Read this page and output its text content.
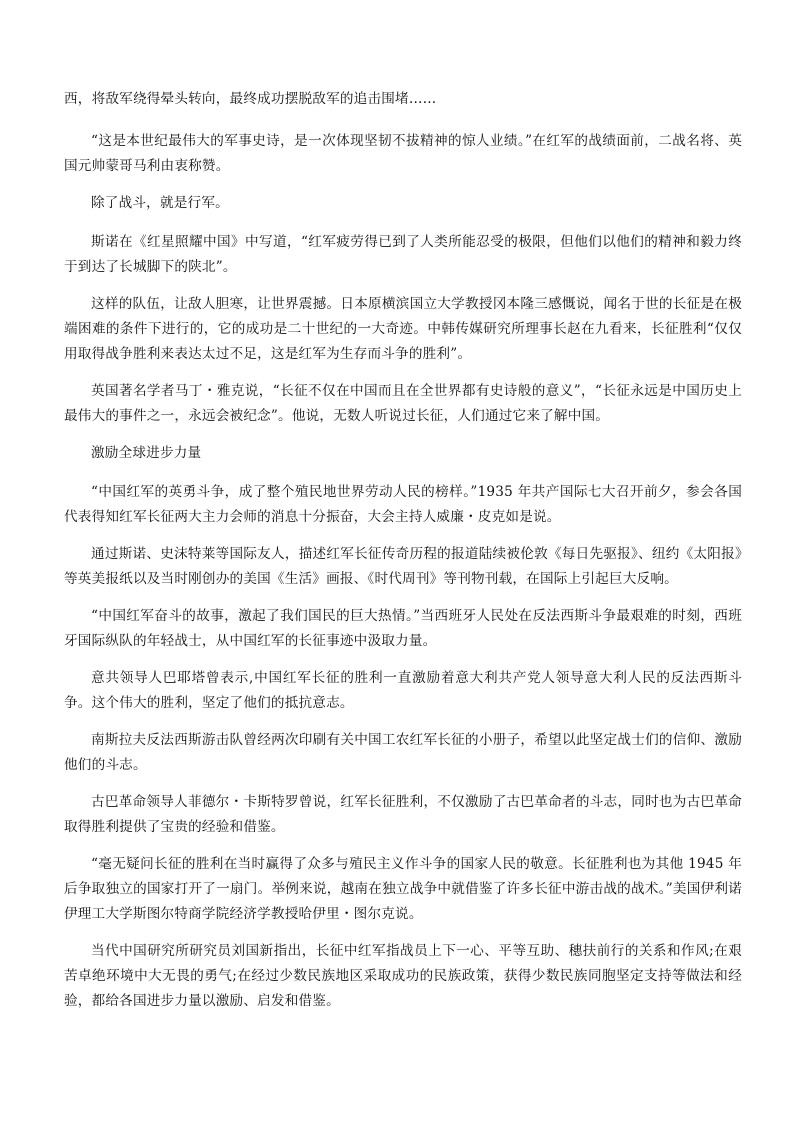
西，将敌军绕得晕头转向，最终成功摆脱敌军的追击围堵……

“这是本世纪最伟大的军事史诗，是一次体现坚韧不拔精神的惊人业绩。”在红军的战绩面前，二战名将、英国元帅蒙哥马利由衷称赞。

除了战斗，就是行军。

斯诺在《红星照耀中国》中写道，“红军疲劳得已到了人类所能忍受的极限，但他们以他们的精神和毅力终于到达了长城脚下的陕北”。

这样的队伍，让敌人胆寒，让世界震撼。日本原横滨国立大学教授冈本隆三感慨说，闻名于世的长征是在极端困难的条件下进行的，它的成功是二十世纪的一大奇迹。中韩传媒研究所理事长赵在九看来，长征胜利“仅仅用取得战争胜利来表达太过不足，这是红军为生存而斗争的胜利”。

英国著名学者马丁・雅克说，“长征不仅在中国而且在全世界都有史诗般的意义”，“长征永远是中国历史上最伟大的事件之一，永远会被纪念”。他说，无数人听说过长征，人们通过它来了解中国。

激励全球进步力量

“中国红军的英勇斗争，成了整个殖民地世界劳动人民的榜样。”1935 年共产国际七大召开前夕，参会各国代表得知红军长征两大主力会师的消息十分振奋，大会主持人威廉・皮克如是说。

通过斯诺、史沫特莱等国际友人，描述红军长征传奇历程的报道陆续被伦敦《每日先驱报》、纽约《太阳报》等英美报纸以及当时刚创办的美国《生活》画报、《时代周刊》等刊物刊载，在国际上引起巨大反响。

“中国红军奋斗的故事，激起了我们国民的巨大热情。”当西班牙人民处在反法西斯斗争最艰难的时刻，西班牙国际纵队的年轻战士，从中国红军的长征事迹中汲取力量。

意共领导人巴耶塔曾表示,中国红军长征的胜利一直激励着意大利共产党人领导意大利人民的反法西斯斗争。这个伟大的胜利，坚定了他们的抵抗意志。

南斯拉夫反法西斯游击队曾经两次印刷有关中国工农红军长征的小册子，希望以此坚定战士们的信仰、激励他们的斗志。

古巴革命领导人菲德尔・卡斯特罗曾说，红军长征胜利，不仅激励了古巴革命者的斗志，同时也为古巴革命取得胜利提供了宝贵的经验和借鉴。

“毫无疑问长征的胜利在当时赢得了众多与殖民主义作斗争的国家人民的敬意。长征胜利也为其他 1945 年后争取独立的国家打开了一扇门。举例来说，越南在独立战争中就借鉴了许多长征中游击战的战术。”美国伊利诺伊理工大学斯图尔特商学院经济学教授哈伊里・图尔克说。

当代中国研究所研究员刘国新指出，长征中红军指战员上下一心、平等互助、穗扶前行的关系和作风;在艰苦卓绝环境中大无畏的勇气;在经过少数民族地区采取成功的民族政策，获得少数民族同胞坚定支持等做法和经验，都给各国进步力量以激励、启发和借鉴。
